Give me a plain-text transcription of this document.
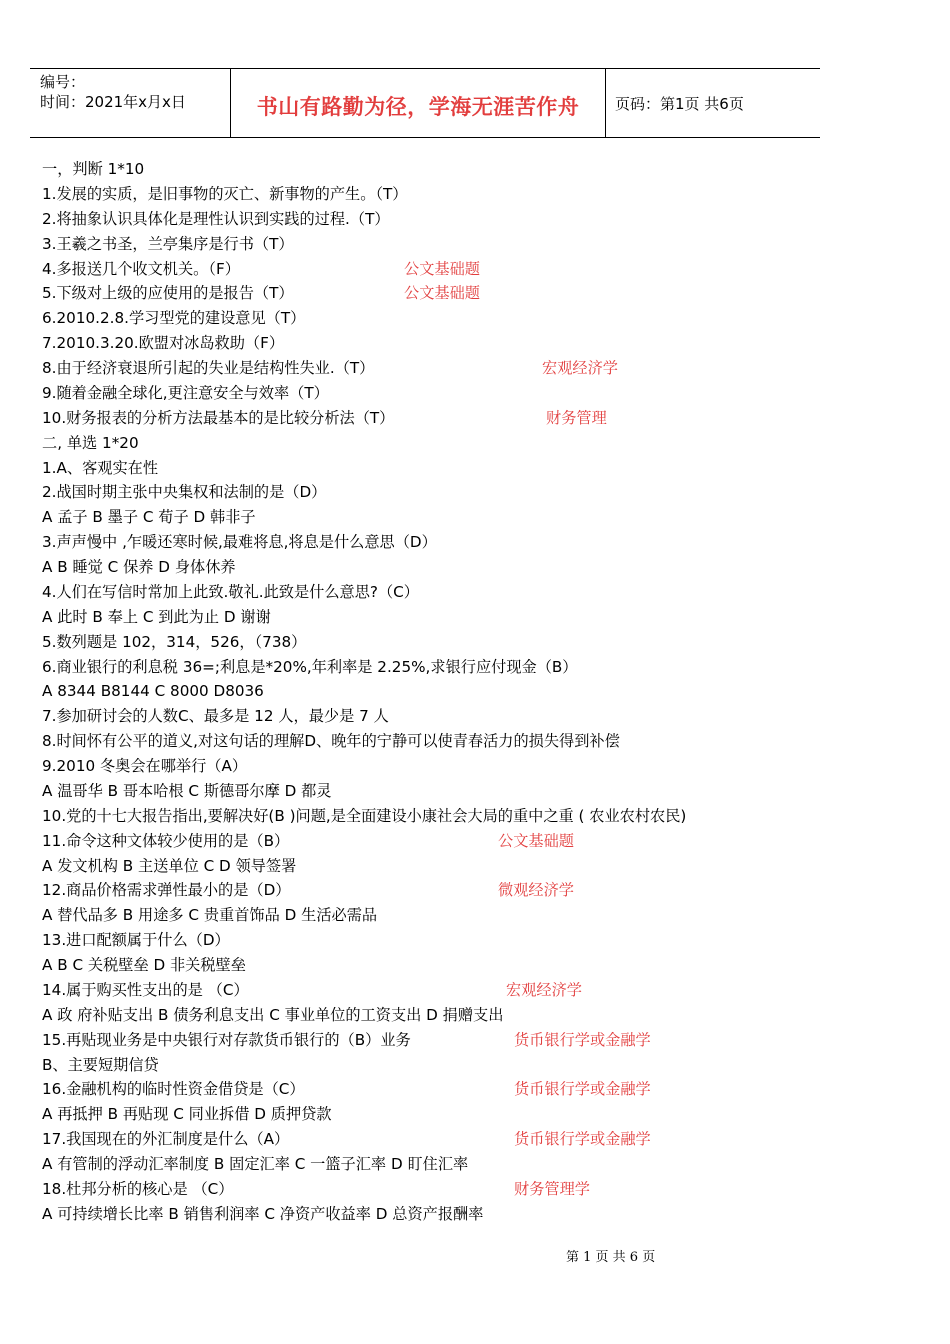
编号：
时间：2021年x月x日	书山有路勤为径，学海无涯苦作舟	页码：第1页 共6页
一，判断 1*10
1.发展的实质，是旧事物的灭亡、新事物的产生。（T）
2.将抽象认识具体化是理性认识到实践的过程.（T）
3.王羲之书圣，兰亭集序是行书（T）
4.多报送几个收文机关。（F）	公文基础题
5.下级对上级的应使用的是报告（T）	公文基础题
6.2010.2.8.学习型党的建设意见（T）
7.2010.3.20.欧盟对冰岛救助（F）
8.由于经济衰退所引起的失业是结构性失业.（T）	宏观经济学
9.随着金融全球化,更注意安全与效率（T）
10.财务报表的分析方法最基本的是比较分析法（T）	财务管理
二, 单选 1*20
1.A、客观实在性
2.战国时期主张中央集权和法制的是（D）
A 孟子 B 墨子 C 荀子 D 韩非子
3.声声慢中 ,乍暖还寒时候,最难将息,将息是什么意思（D）
A B 睡觉 C 保养 D 身体休养
4.人们在写信时常加上此致.敬礼.此致是什么意思?（C）
A 此时 B 奉上 C 到此为止 D 谢谢
5.数列题是 102，314，526，（738）
6.商业银行的利息税 36=;利息是*20%,年利率是 2.25%,求银行应付现金（B）
A 8344 B8144 C 8000 D8036
7.参加研讨会的人数C、最多是 12 人，最少是 7 人
8.时间怀有公平的道义,对这句话的理解D、晚年的宁静可以使青春活力的损失得到补偿
9.2010 冬奥会在哪举行（A）
A 温哥华 B 哥本哈根 C 斯德哥尔摩 D 都灵
10.党的十七大报告指出,要解决好(B )问题,是全面建设小康社会大局的重中之重 ( 农业农村农民)
11.命令这种文体较少使用的是（B）	公文基础题
A 发文机构 B 主送单位 C D 领导签署
12.商品价格需求弹性最小的是（D）	微观经济学
A 替代品多 B 用途多 C 贵重首饰品 D 生活必需品
13.进口配额属于什么（D）
A B C 关税壁垒 D 非关税壁垒
14.属于购买性支出的是 （C）	宏观经济学
A 政 府补贴支出 B 债务利息支出 C 事业单位的工资支出 D 捐赠支出
15.再贴现业务是中央银行对存款货币银行的（B）业务	货币银行学或金融学
B、主要短期信贷
16.金融机构的临时性资金借贷是（C）	货币银行学或金融学
A 再抵押 B 再贴现 C 同业拆借 D 质押贷款
17.我国现在的外汇制度是什么（A）	货币银行学或金融学
A 有管制的浮动汇率制度 B 固定汇率 C 一篮子汇率 D 盯住汇率
18.杜邦分析的核心是 （C）	财务管理学
A 可持续增长比率 B 销售利润率 C 净资产收益率 D 总资产报酬率
第 1 页 共 6 页
